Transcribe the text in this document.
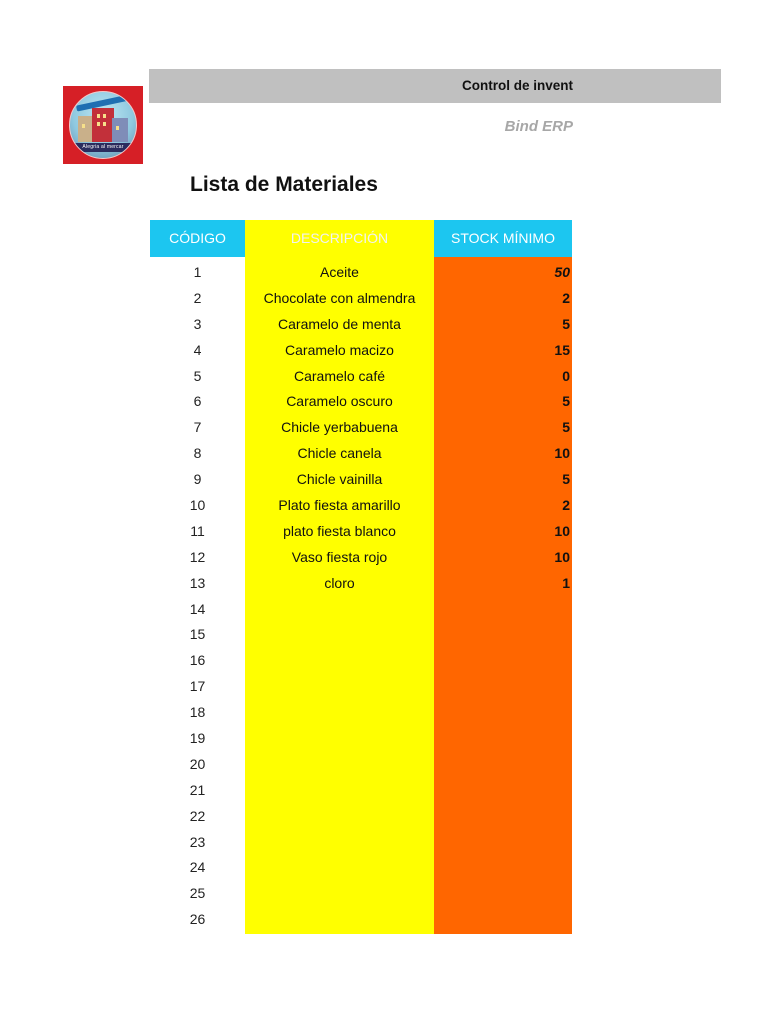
Alegria al mercar
Control de invent
Bind ERP
Lista de Materiales
CÓDIGO	DESCRIPCIÓN	STOCK MÍNIMO
1	Aceite	50
2	Chocolate con almendra	2
3	Caramelo de menta	5
4	Caramelo macizo	15
5	Caramelo café	0
6	Caramelo oscuro	5
7	Chicle yerbabuena	5
8	Chicle canela	10
9	Chicle vainilla	5
10	Plato fiesta amarillo	2
11	plato fiesta blanco	10
12	Vaso fiesta rojo	10
13	cloro	1
14
15
16
17
18
19
20
21
22
23
24
25
26
